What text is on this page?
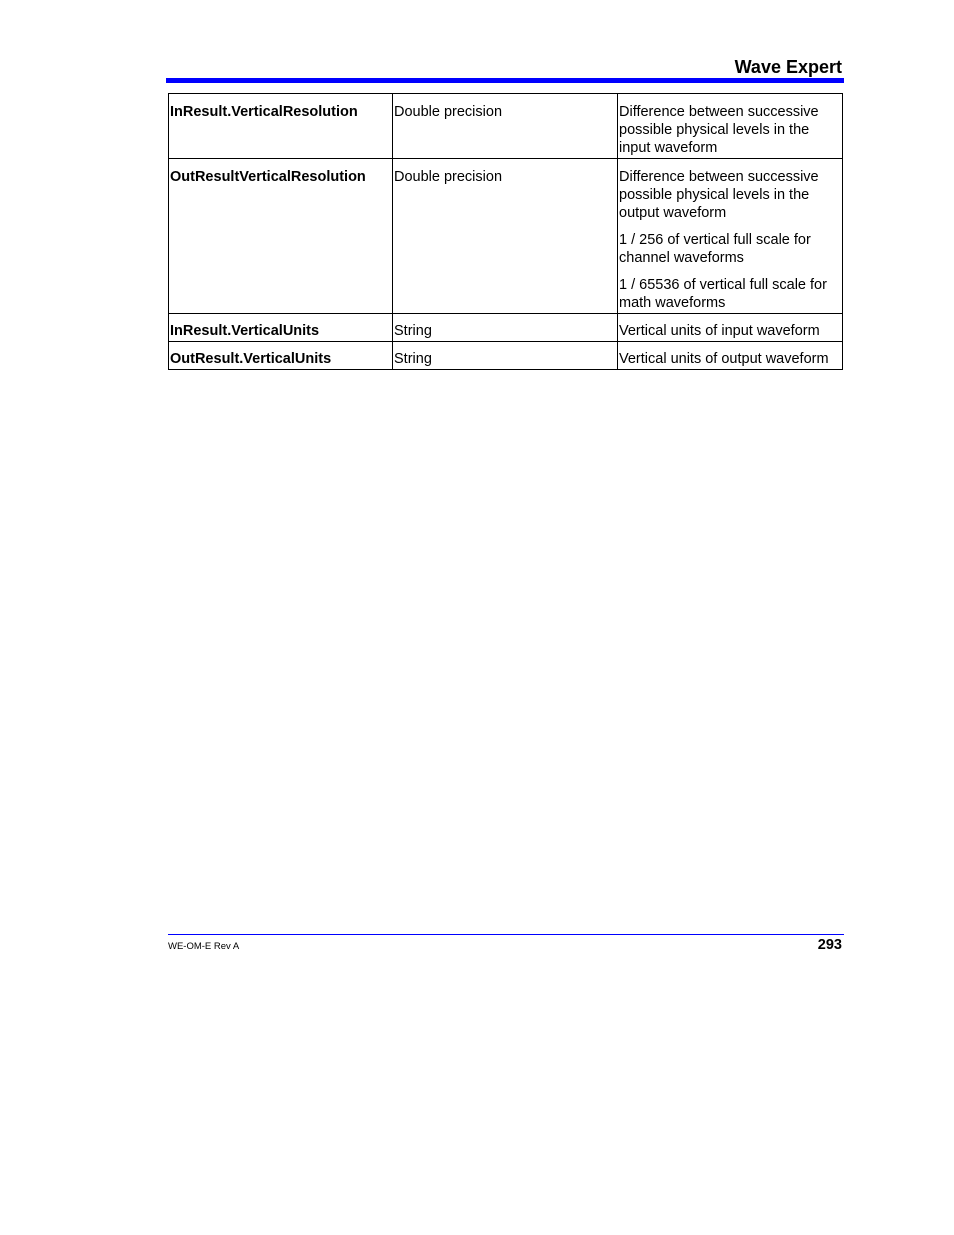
Wave Expert
InResult.VerticalResolution	Double precision	Difference between successive possible physical levels in the input waveform

OutResultVerticalResolution	Double precision	Difference between successive possible physical levels in the output waveform

1 / 256 of vertical full scale for channel waveforms

1 / 65536 of vertical full scale for math waveforms

InResult.VerticalUnits	String	Vertical units of input waveform

OutResult.VerticalUnits	String	Vertical units of output waveform

WE-OM-E Rev A	293
